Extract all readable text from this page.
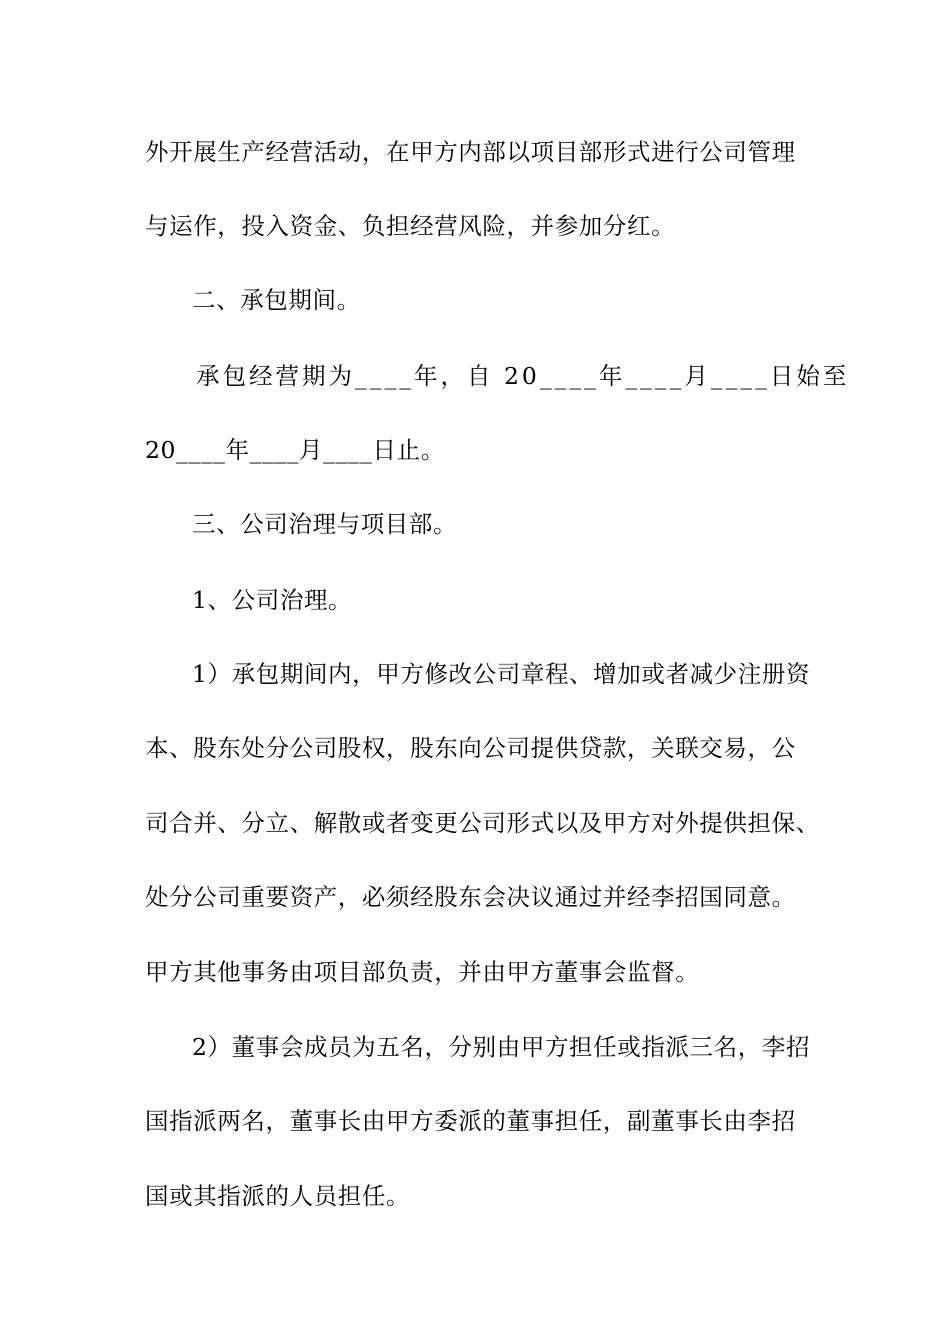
外开展生产经营活动，在甲方内部以项目部形式进行公司管理
与运作，投入资金、负担经营风险，并参加分红。
二、承包期间。
承包经营期为____年，自 20____年____月____日始至
20____年____月____日止。
三、公司治理与项目部。
1、公司治理。
1）承包期间内，甲方修改公司章程、增加或者减少注册资
本、股东处分公司股权，股东向公司提供贷款，关联交易，公
司合并、分立、解散或者变更公司形式以及甲方对外提供担保、
处分公司重要资产，必须经股东会决议通过并经李招国同意。
甲方其他事务由项目部负责，并由甲方董事会监督。
2）董事会成员为五名，分别由甲方担任或指派三名，李招
国指派两名，董事长由甲方委派的董事担任，副董事长由李招
国或其指派的人员担任。
